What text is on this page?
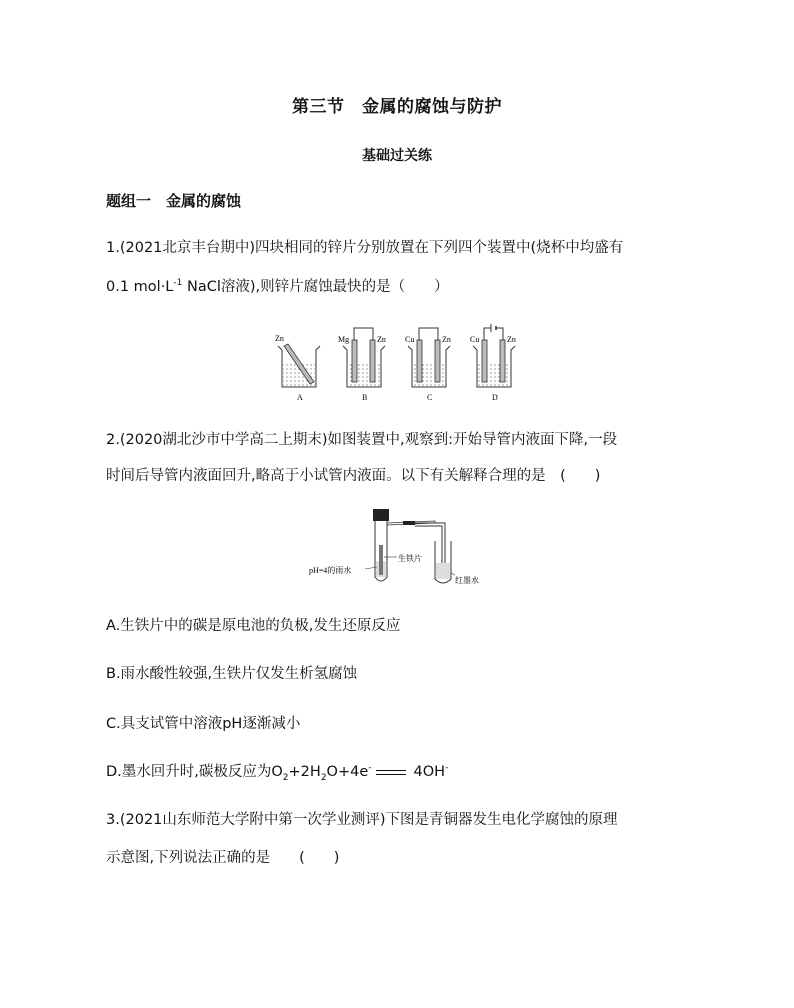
第三节　金属的腐蚀与防护
基础过关练
题组一　金属的腐蚀
1.(2021北京丰台期中)四块相同的锌片分别放置在下列四个装置中(烧杯中均盛有
0.1 $mol\cdot L^{-1}$ NaCl溶液),则锌片腐蚀最快的是（　　）
Zn
A
Mg	Zn
B
Cu	Zn
C
Cu	Zn
D
2.(2020湖北沙市中学高二上期末)如图装置中,观察到:开始导管内液面下降,一段
时间后导管内液面回升,略高于小试管内液面。以下有关解释合理的是　(　　)
pH=4的雨水
生铁片
红墨水
A.生铁片中的碳是原电池的负极,发生还原反应
B.雨水酸性较强,生铁片仅发生析氢腐蚀
C.具支试管中溶液pH逐渐减小
D.墨水回升时,碳极反应为$O_2+2H_2O+4e^-$	4OH-
3.(2021山东师范大学附中第一次学业测评)下图是青铜器发生电化学腐蚀的原理
示意图,下列说法正确的是　　(　　)
